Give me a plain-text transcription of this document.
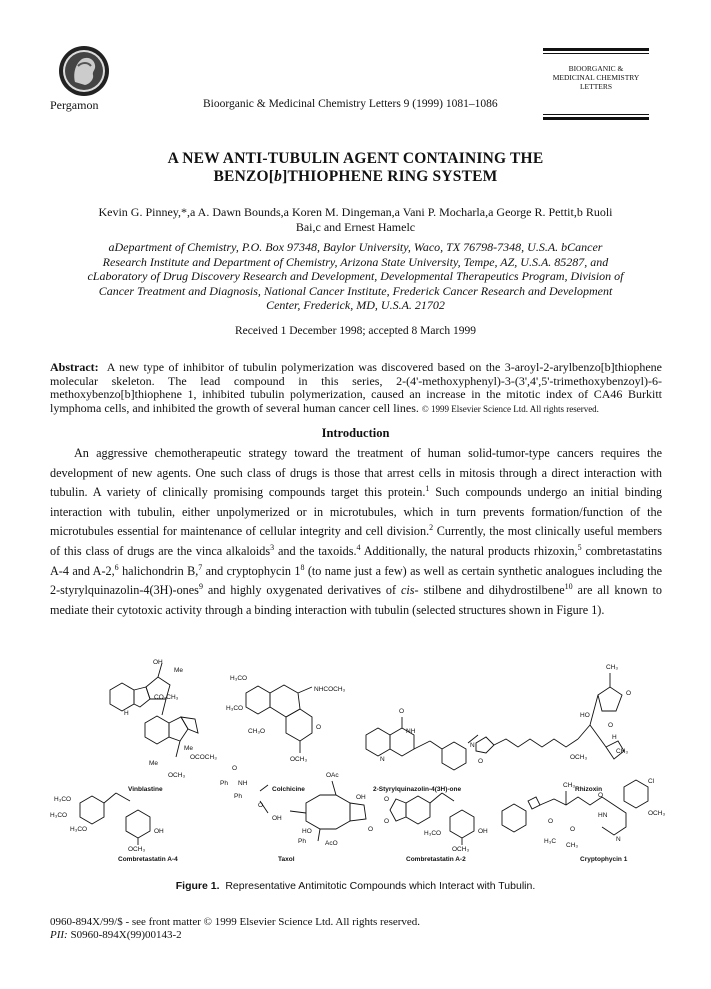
Pergamon	Bioorganic & Medicinal Chemistry Letters 9 (1999) 1081–1086
BIOORGANIC &
MEDICINAL CHEMISTRY
LETTERS
A NEW ANTI-TUBULIN AGENT CONTAINING THE
BENZO[b]THIOPHENE RING SYSTEM
Kevin G. Pinney,*,a A. Dawn Bounds,a Koren M. Dingeman,a Vani P. Mocharla,a George R. Pettit,b Ruoli
Bai,c and Ernest Hamelc
aDepartment of Chemistry, P.O. Box 97348, Baylor University, Waco, TX 76798-7348, U.S.A. bCancer
Research Institute and Department of Chemistry, Arizona State University, Tempe, AZ, U.S.A. 85287, and
cLaboratory of Drug Discovery Research and Development, Developmental Therapeutics Program, Division of
Cancer Treatment and Diagnosis, National Cancer Institute, Frederick Cancer Research and Development
Center, Frederick, MD, U.S.A. 21702
Received 1 December 1998; accepted 8 March 1999
Abstract: A new type of inhibitor of tubulin polymerization was discovered based on the 3-aroyl-2-arylbenzo[b]thiophene molecular skeleton. The lead compound in this series, 2-(4'-methoxyphenyl)-3-(3',4',5'-trimethoxybenzoyl)-6-methoxybenzo[b]thiophene 1, inhibited tubulin polymerization, caused an increase in the mitotic index of CA46 Burkitt lymphoma cells, and inhibited the growth of several human cancer cell lines. © 1999 Elsevier Science Ltd. All rights reserved.
Introduction
An aggressive chemotherapeutic strategy toward the treatment of human solid-tumor-type cancers requires the development of new agents. One such class of drugs is those that arrest cells in mitosis through a direct interaction with tubulin. A variety of clinically promising compounds target this protein.$^1$ Such compounds undergo an initial binding interaction with tubulin, either unpolymerized or in microtubules, which in turn prevents formation/function of the microtubules essential for maintenance of cellular integrity and cell division.$^2$ Currently, the most clinically useful members of this class of drugs are the vinca alkaloids$^3$ and the taxoids.$^4$ Additionally, the natural products rhizoxin,$^5$ combretastatins A-4 and A-2,$^6$ halichondrin B,$^7$ and cryptophycin $1^8$ (to name just a few) as well as certain synthetic analogues including the 2-styrylquinazolin-4(3H)-ones$^9$ and highly oxygenated derivatives of cis- stilbene and dihydrostilbene$^{10}$ are all known to mediate their cytotoxic activity through a binding interaction with tubulin (selected structures shown in Figure 1).
OH
Me
CO₂CH₃
H
Me
OCOCH₃
Me
OCH₃
Vinblastine
H₃CO
NHCOCH₃
H₃CO
CH₃O
O
OCH₃
Colchicine
O
NH
N
2-Styrylquinazolin-4(3H)-one
N
O
CH₃
O
HO
O
H
CH₃
OCH₃
Rhizoxin
H₃CO
H₃CO
H₃CO	OH
OCH₃
O
Ph NH
Ph
O
OH
OAc
OH
HO
Ph	AcO
O
Taxol
Combretastatin A-4
O
O
H₃CO	OH
OCH₃
Combretastatin A-2
CH₃
O
Cl
HN	OCH₃
O
O
N
H₃C
CH₃
Cryptophycin 1
Figure 1. Representative Antimitotic Compounds which Interact with Tubulin.
0960-894X/99/$ - see front matter © 1999 Elsevier Science Ltd. All rights reserved.
PII: S0960-894X(99)00143-2
